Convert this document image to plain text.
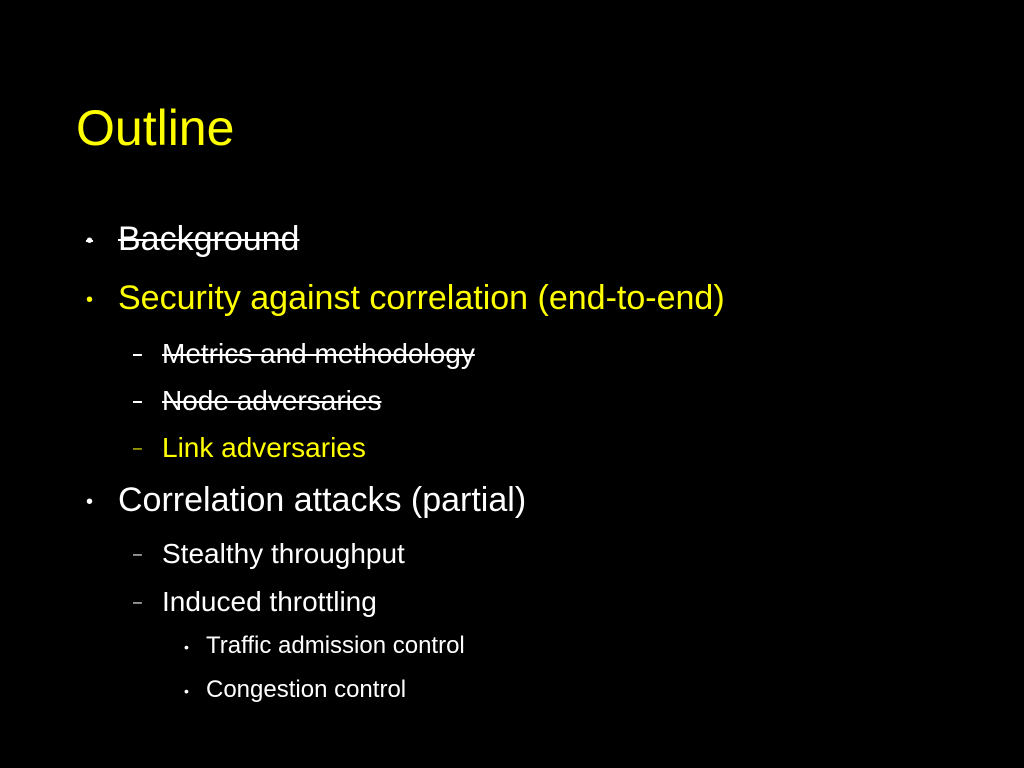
Outline
• Background
• Security against correlation (end-to-end)
– Metrics and methodology
– Node adversaries
– Link adversaries
• Correlation attacks (partial)
– Stealthy throughput
– Induced throttling
• Traffic admission control
• Congestion control
